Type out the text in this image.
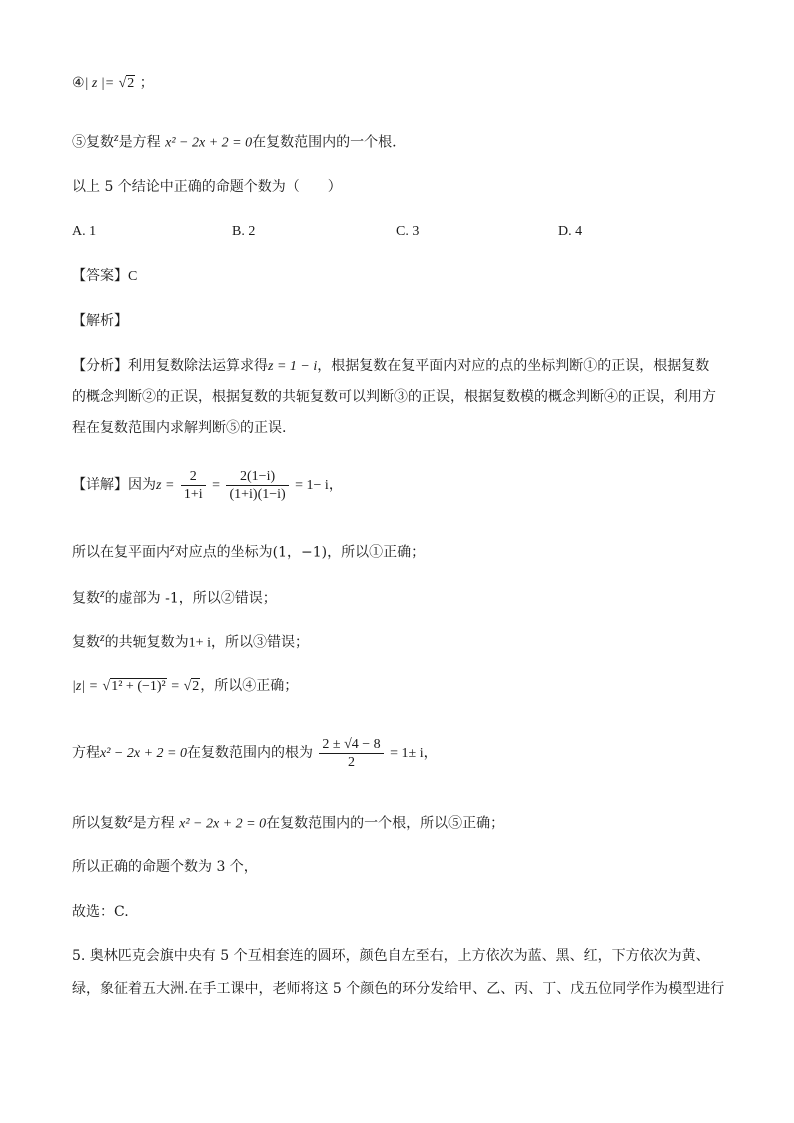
④| z |= √2 ；
⑤复数z是方程 x² − 2x + 2 = 0在复数范围内的一个根.
以上 5 个结论中正确的命题个数为（　　）
A. 1	B. 2	C. 3	D. 4
【答案】C
【解析】
【分析】利用复数除法运算求得z = 1 − i，根据复数在复平面内对应的点的坐标判断①的正误，根据复数
的概念判断②的正误，根据复数的共轭复数可以判断③的正误，根据复数模的概念判断④的正误，利用方
程在复数范围内求解判断⑤的正误.
【详解】因为$z = \frac{2}{1+i} = \frac{2(1-i)}{(1+i)(1-i)} = 1- i$，
所以在复平面内z对应点的坐标为(1，−1)，所以①正确；
复数z的虚部为 -1，所以②错误；
复数z的共轭复数为1+ i，所以③错误；
|z| = √1² + (−1)² = √2，所以④正确；
方程x² − 2x + 2 = 0在复数范围内的根为 $\frac{2 \pm √4 - 8}{2} = 1\pm i$，
所以复数z是方程 x² − 2x + 2 = 0在复数范围内的一个根，所以⑤正确；
所以正确的命题个数为 3 个，
故选：C.
5. 奥林匹克会旗中央有 5 个互相套连的圆环，颜色自左至右，上方依次为蓝、黑、红，下方依次为黄、
绿，象征着五大洲.在手工课中，老师将这 5 个颜色的环分发给甲、乙、丙、丁、戊五位同学作为模型进行
